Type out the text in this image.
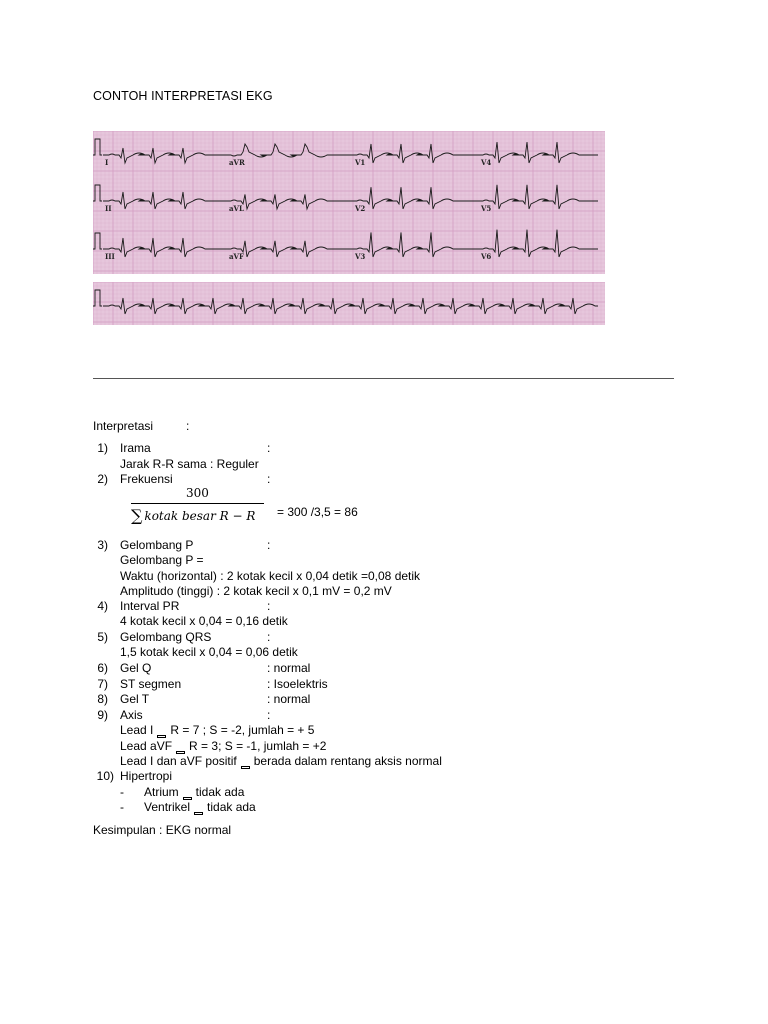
CONTOH INTERPRETASI EKG
I	aVR	V1	V4
II	aVL	V2	V5
III	aVF	V3	V6
Interpretasi	:
1) Irama	:
Jarak R-R sama : Reguler
2) Frekuensi	:
300
∑ kotak besar R − R = 300 /3,5 = 86
3) Gelombang P	:
Gelombang P =
Waktu (horizontal) : 2 kotak kecil x 0,04 detik =0,08 detik
Amplitudo (tinggi) : 2 kotak kecil x 0,1 mV = 0,2 mV
4) Interval PR	:
4 kotak kecil x 0,04 = 0,16 detik
5) Gelombang QRS	:
1,5 kotak kecil x 0,04 = 0,06 detik
6) Gel Q	: normal
7) ST segmen	: Isoelektris
8) Gel T	: normal
9) Axis	:
Lead I R = 7 ; S = -2, jumlah = + 5
Lead aVF R = 3; S = -1, jumlah = +2
Lead I dan aVF positif berada dalam rentang aksis normal
10) Hipertropi
-	Atrium tidak ada
-	Ventrikel tidak ada
Kesimpulan : EKG normal
